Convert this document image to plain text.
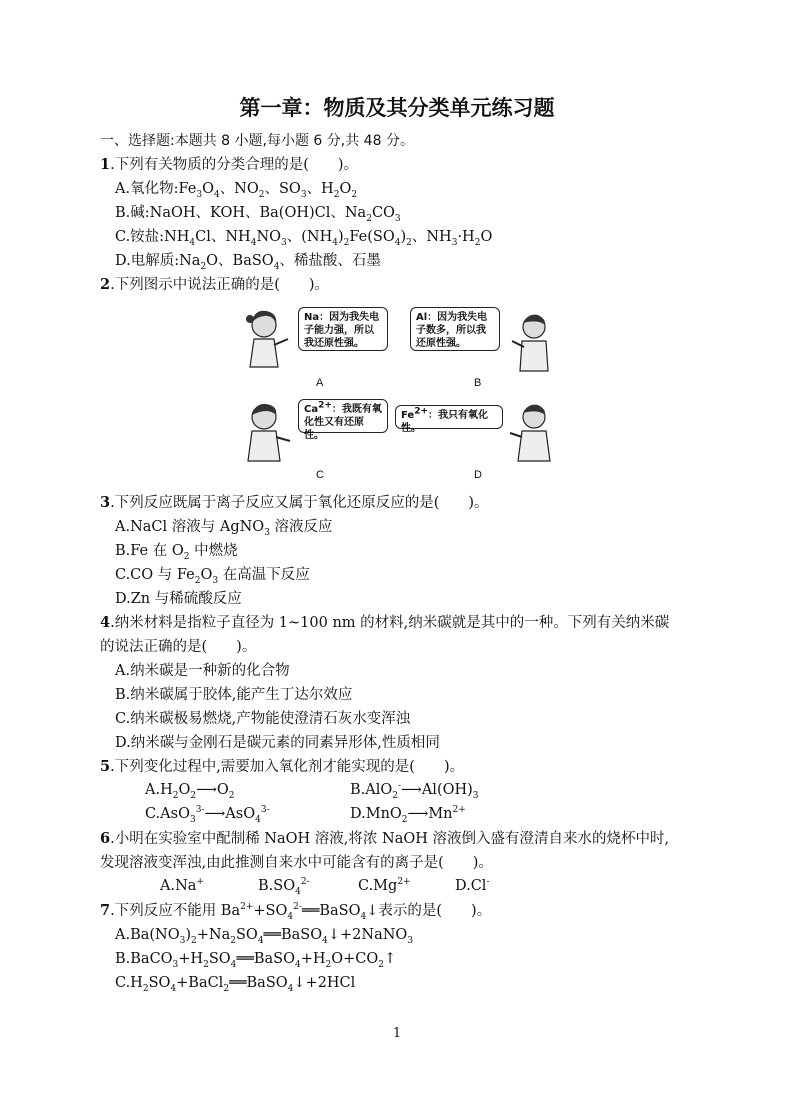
第一章：物质及其分类单元练习题
一、选择题:本题共 8 小题,每小题 6 分,共 48 分。
1.下列有关物质的分类合理的是(　　)。
A.氧化物$:Fe_3O_4$、$NO_2$、$SO_3$、$H_2O_2$
B.碱:NaOH、KOH、Ba(OH)Cl、$Na_2CO_3$
C.铵盐$:NH_4Cl$、$NH_4NO_3$、$(NH_4)_2Fe(SO_4)_2$、$NH_3\cdot H_2O$
D.电解质$:Na_2O$、BaSO$_4$、稀盐酸、石墨
2.下列图示中说法正确的是(　　)。
Na：因为我失电子能力强，所以我还原性强。
A
Al：因为我失电子数多，所以我还原性强。
B
$Ca^{2+}$：我既有氧化性又有还原性。
C
$Fe^{2+}$：我只有氧化性。
D
3.下列反应既属于离子反应又属于氧化还原反应的是(　　)。
A.NaCl 溶液与 AgNO$_3$ 溶液反应
B.Fe 在 $O_2$ 中燃烧
C.CO 与 $Fe_2O_3$ 在高温下反应
D.Zn 与稀硫酸反应
4.纳米材料是指粒子直径为 1~100 nm 的材料,纳米碳就是其中的一种。下列有关纳米碳
的说法正确的是(　　)。
A.纳米碳是一种新的化合物
B.纳米碳属于胶体,能产生丁达尔效应
C.纳米碳极易燃烧,产物能使澄清石灰水变浑浊
D.纳米碳与金刚石是碳元素的同素异形体,性质相同
5.下列变化过程中,需要加入氧化剂才能实现的是(　　)。
$A.H_2O_2⟶O_2$	$B.AlO_2^-⟶Al(OH)_3$
C.AsO$_3^{3-}$⟶AsO$_4^{3-}$	$D.MnO_2⟶Mn^{2+}$
6.小明在实验室中配制稀 NaOH 溶液,将浓 NaOH 溶液倒入盛有澄清自来水的烧杯中时,
发现溶液变浑浊,由此推测自来水中可能含有的离子是(　　)。
A.Na+	$B.SO_4^{2-}$	$C.Mg^{2+}$	D.Cl-
7.下列反应不能用 $Ba^{2+}+SO_4^{2-}══BaSO_4↓$表示的是(　　)。
$A.Ba(NO_3)_2+Na_2SO_4══BaSO_4↓+2NaNO_3$
$B.BaCO_3+H_2SO_4══BaSO_4+H_2O+CO_2↑$
$C.H_2SO_4+BaCl_2══BaSO_4↓+2HCl$
1
